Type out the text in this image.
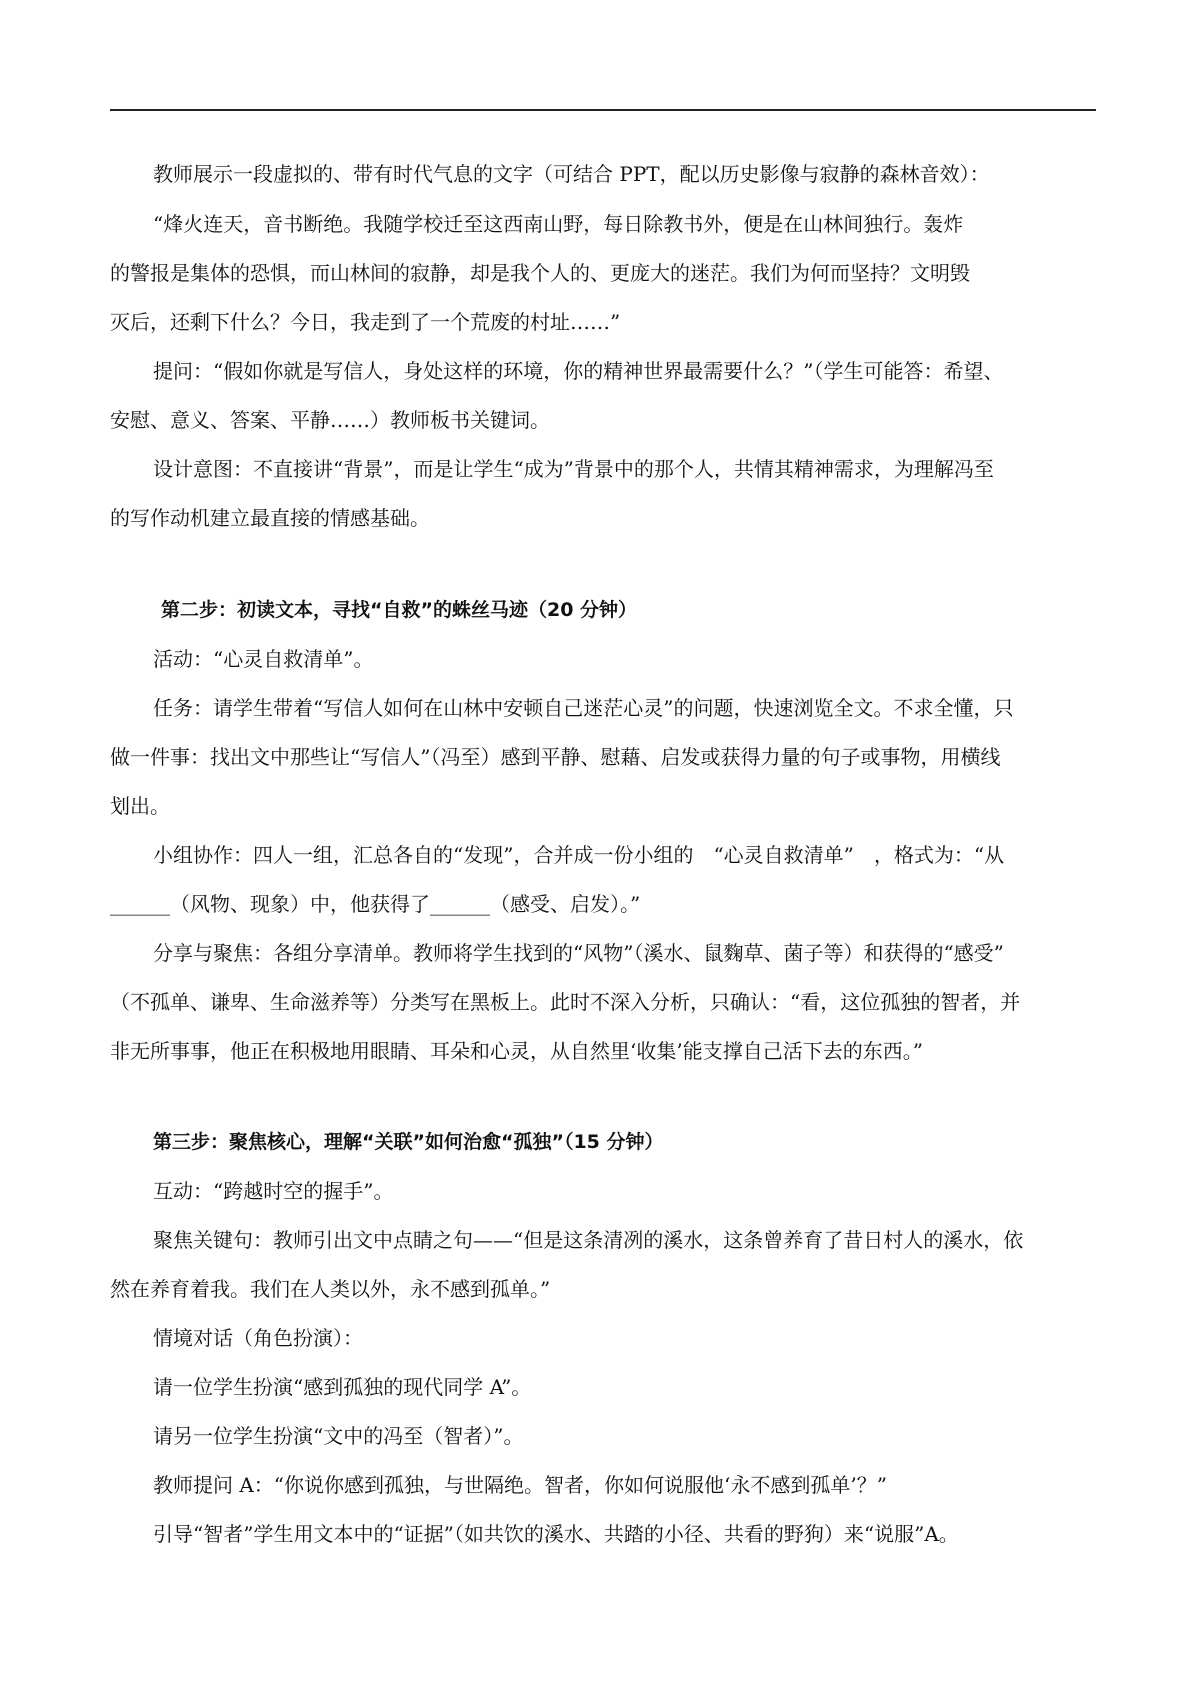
教师展示一段虚拟的、带有时代气息的文字（可结合 PPT，配以历史影像与寂静的森林音效）：
“烽火连天，音书断绝。我随学校迁至这西南山野，每日除教书外，便是在山林间独行。轰炸
的警报是集体的恐惧，而山林间的寂静，却是我个人的、更庞大的迷茫。我们为何而坚持？文明毁
灭后，还剩下什么？今日，我走到了一个荒废的村址……”
提问：“假如你就是写信人，身处这样的环境，你的精神世界最需要什么？”（学生可能答：希望、
安慰、意义、答案、平静……）教师板书关键词。
设计意图：不直接讲“背景”，而是让学生“成为”背景中的那个人，共情其精神需求，为理解冯至
的写作动机建立最直接的情感基础。
第二步：初读文本，寻找“自救”的蛛丝马迹（20 分钟）
活动：“心灵自救清单”。
任务：请学生带着“写信人如何在山林中安顿自己迷茫心灵”的问题，快速浏览全文。不求全懂，只
做一件事：找出文中那些让“写信人”（冯至）感到平静、慰藉、启发或获得力量的句子或事物，用横线
划出。
小组协作：四人一组，汇总各自的“发现”，合并成一份小组的　“心灵自救清单”　，格式为：“从
______（风物、现象）中，他获得了______（感受、启发）。”
分享与聚焦：各组分享清单。教师将学生找到的“风物”（溪水、鼠麴草、菌子等）和获得的“感受”
（不孤单、谦卑、生命滋养等）分类写在黑板上。此时不深入分析，只确认：“看，这位孤独的智者，并
非无所事事，他正在积极地用眼睛、耳朵和心灵，从自然里‘收集’能支撑自己活下去的东西。”
第三步：聚焦核心，理解“关联”如何治愈“孤独”（15 分钟）
互动：“跨越时空的握手”。
聚焦关键句：教师引出文中点睛之句——“但是这条清冽的溪水，这条曾养育了昔日村人的溪水，依
然在养育着我。我们在人类以外，永不感到孤单。”
情境对话（角色扮演）：
请一位学生扮演“感到孤独的现代同学 A”。
请另一位学生扮演“文中的冯至（智者）”。
教师提问 A：“你说你感到孤独，与世隔绝。智者，你如何说服他‘永不感到孤单’？”
引导“智者”学生用文本中的“证据”（如共饮的溪水、共踏的小径、共看的野狗）来“说服”A。
